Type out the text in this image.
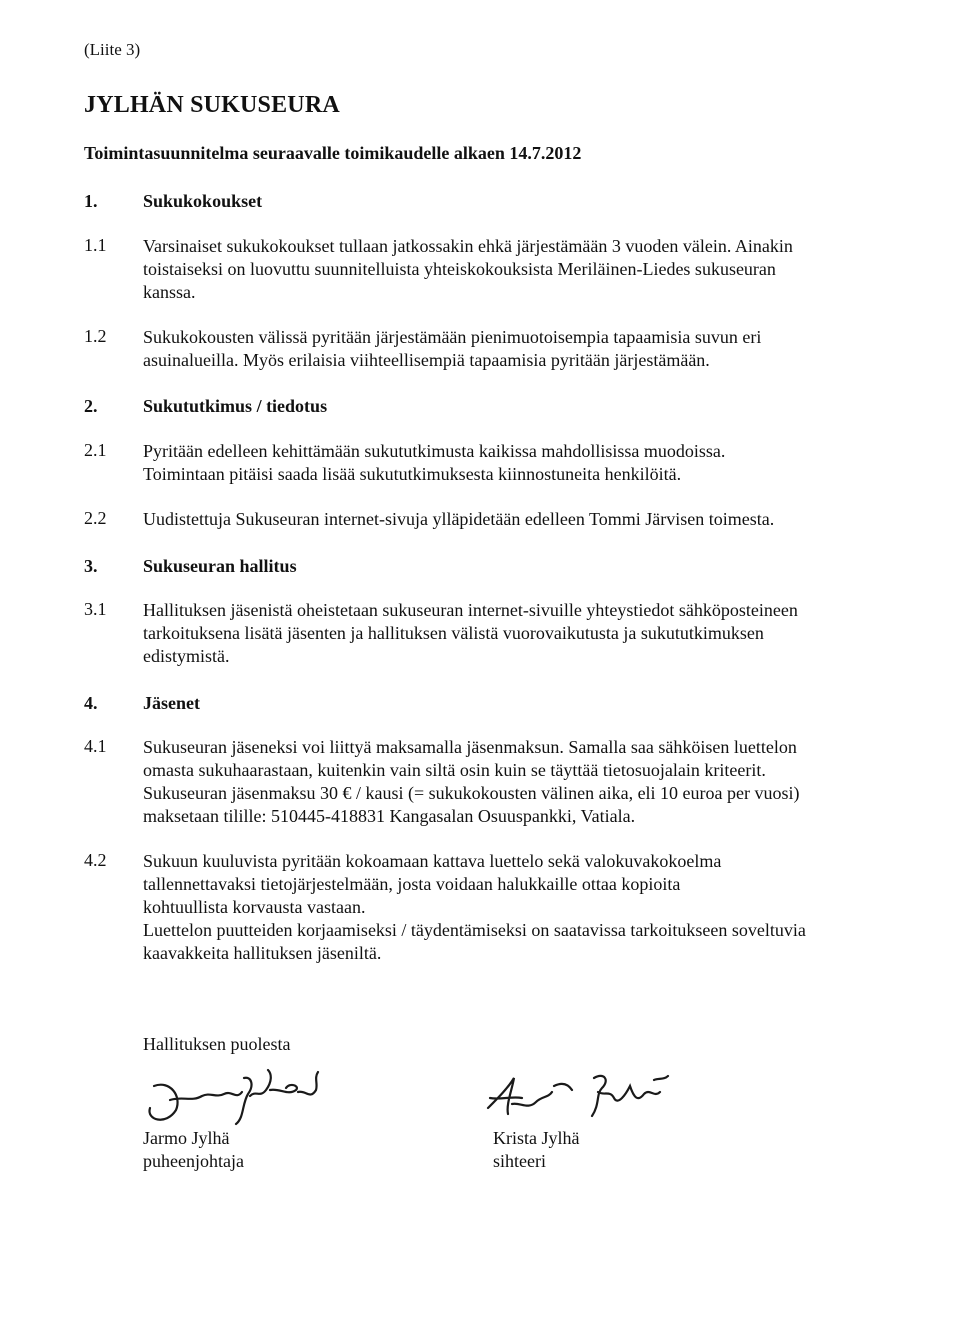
(Liite 3)
JYLHÄN SUKUSEURA
Toimintasuunnitelma seuraavalle toimikaudelle alkaen 14.7.2012
1.	Sukukokoukset
1.1 Varsinaiset sukukokoukset tullaan jatkossakin ehkä järjestämään 3 vuoden välein. Ainakin
toistaiseksi on luovuttu suunnitelluista yhteiskokouksista Meriläinen-Liedes sukuseuran
kanssa.
1.2 Sukukokousten välissä pyritään järjestämään pienimuotoisempia tapaamisia suvun eri
asuinalueilla. Myös erilaisia viihteellisempiä tapaamisia pyritään järjestämään.
2.	Sukututkimus / tiedotus
2.1 Pyritään edelleen kehittämään sukututkimusta kaikissa mahdollisissa muodoissa.
Toimintaan pitäisi saada lisää sukututkimuksesta kiinnostuneita henkilöitä.
2.2 Uudistettuja Sukuseuran internet-sivuja ylläpidetään edelleen Tommi Järvisen toimesta.
3.	Sukuseuran hallitus
3.1 Hallituksen jäsenistä oheistetaan sukuseuran internet-sivuille yhteystiedot sähköposteineen
tarkoituksena lisätä jäsenten ja hallituksen välistä vuorovaikutusta ja sukututkimuksen
edistymistä.
4.	Jäsenet
4.1 Sukuseuran jäseneksi voi liittyä maksamalla jäsenmaksun. Samalla saa sähköisen luettelon
omasta sukuhaarastaan, kuitenkin vain siltä osin kuin se täyttää tietosuojalain kriteerit.
Sukuseuran jäsenmaksu 30 € / kausi (= sukukokousten välinen aika, eli 10 euroa per vuosi)
maksetaan tilille: 510445-418831 Kangasalan Osuuspankki, Vatiala.
4.2 Sukuun kuuluvista pyritään kokoamaan kattava luettelo sekä valokuvakokoelma
tallennettavaksi tietojärjestelmään, josta voidaan halukkaille ottaa kopioita
kohtuullista korvausta vastaan.
Luettelon puutteiden korjaamiseksi / täydentämiseksi on saatavissa tarkoitukseen soveltuvia
kaavakkeita hallituksen jäseniltä.
Hallituksen puolesta
Jarmo Jylhä
puheenjohtaja
Krista Jylhä
sihteeri
